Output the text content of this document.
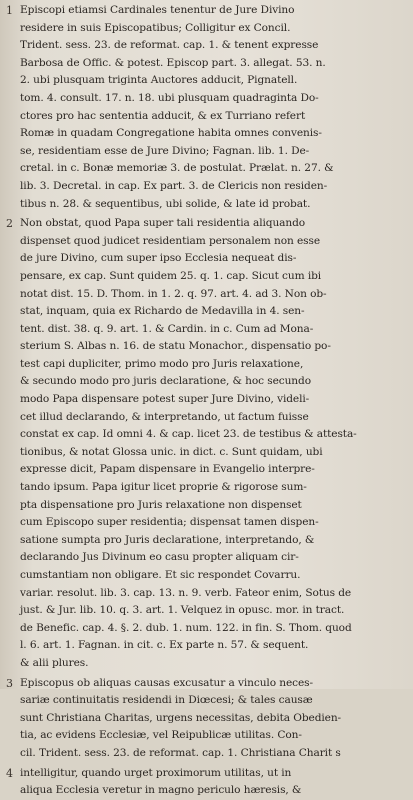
1 Episcopi etiamsi Cardinales tenentur de Jure Divino
residere in suis Episcopatibus; Colligitur ex Concil.
Trident. sess. 23. de reformat. cap. 1. & tenent expresse
Barbosa de Offic. & potest. Episcop part. 3. allegat. 53. n.
2. ubi plusquam triginta Auctores adducit, Pignatell.
tom. 4. consult. 17. n. 18. ubi plusquam quadraginta Do-
ctores pro hac sententia adducit, & ex Turriano refert
Romæ in quadam Congregatione habita omnes convenis-
se, residentiam esse de Jure Divino; Fagnan. lib. 1. De-
cretal. in c. Bonæ memoriæ 3. de postulat. Prælat. n. 27. &
lib. 3. Decretal. in cap. Ex part. 3. de Clericis non residen-
tibus n. 28. & sequentibus, ubi solide, & late id probat.
2 Non obstat, quod Papa super tali residentia aliquando
dispenset quod judicet residentiam personalem non esse
de jure Divino, cum super ipso Ecclesia nequeat dis-
pensare, ex cap. Sunt quidem 25. q. 1. cap. Sicut cum ibi
notat dist. 15. D. Thom. in 1. 2. q. 97. art. 4. ad 3. Non ob-
stat, inquam, quia ex Richardo de Medavilla in 4. sen-
tent. dist. 38. q. 9. art. 1. & Cardin. in c. Cum ad Mona-
sterium S. Albas n. 16. de statu Monachor., dispensatio po-
test capi dupliciter, primo modo pro Juris relaxatione,
& secundo modo pro juris declaratione, & hoc secundo
modo Papa dispensare potest super Jure Divino, videli-
cet illud declarando, & interpretando, ut factum fuisse
constat ex cap. Id omni 4. & cap. licet 23. de testibus & attesta-
tionibus, & notat Glossa unic. in dict. c. Sunt quidam, ubi
expresse dicit, Papam dispensare in Evangelio interpre-
tando ipsum. Papa igitur licet proprie & rigorose sum-
pta dispensatione pro Juris relaxatione non dispenset
cum Episcopo super residentia; dispensat tamen dispen-
satione sumpta pro Juris declaratione, interpretando, &
declarando Jus Divinum eo casu propter aliquam cir-
cumstantiam non obligare. Et sic respondet Covarru.
variar. resolut. lib. 3. cap. 13. n. 9. verb. Fateor enim, Sotus de
just. & Jur. lib. 10. q. 3. art. 1. Velquez in opusc. mor. in tract.
de Benefic. cap. 4. §. 2. dub. 1. num. 122. in fin. S. Thom. quod
l. 6. art. 1. Fagnan. in cit. c. Ex parte n. 57. & sequent.
& alii plures.
3 Episcopus ob aliquas causas excusatur a vinculo neces-
sariæ continuitatis residendi in Diœcesi; & tales causæ
sunt Christiana Charitas, urgens necessitas, debita Obedien-
tia, ac evidens Ecclesiæ, vel Reipublicæ utilitas. Con-
cil. Trident. sess. 23. de reformat. cap. 1. Christiana Charit s
4 intelligitur, quando urget proximorum utilitas, ut in
aliqua Ecclesia veretur in magno periculo hæresis, &
